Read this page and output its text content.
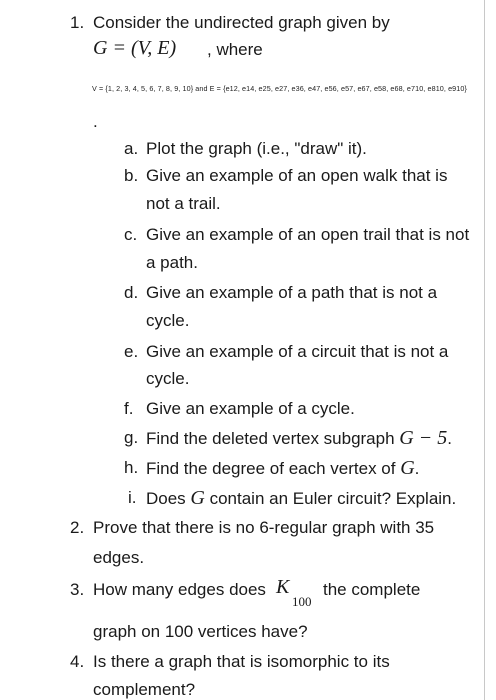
1. Consider the undirected graph given by
G = (V, E) , where
V = {1, 2, 3, 4, 5, 6, 7, 8, 9, 10} and E = {e12, e14, e25, e27, e36, e47, e56, e57, e67, e58, e68, e710, e810, e910}
.
a. Plot the graph (i.e., "draw" it).
b. Give an example of an open walk that is
not a trail.
c. Give an example of an open trail that is not
a path.
d. Give an example of a path that is not a
cycle.
e. Give an example of a circuit that is not a
cycle.
f. Give an example of a cycle.
g. Find the deleted vertex subgraph G − 5.
h. Find the degree of each vertex of G.
i. Does G contain an Euler circuit? Explain.
2. Prove that there is no 6-regular graph with 35
edges.
3. How many edges does K
100
the complete
graph on 100 vertices have?
4. Is there a graph that is isomorphic to its
complement?
